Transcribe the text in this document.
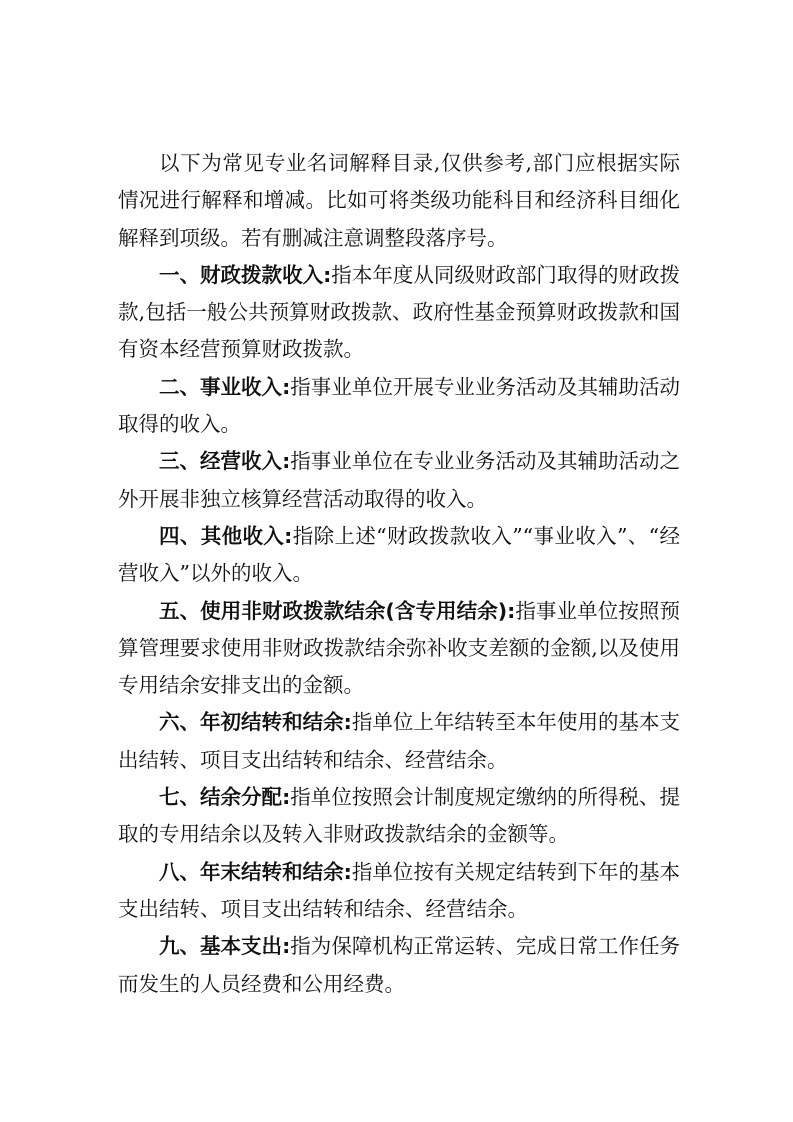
以下为常见专业名词解释目录,仅供参考,部门应根据实际情况进行解释和增减。比如可将类级功能科目和经济科目细化解释到项级。若有删减注意调整段落序号。

一、财政拨款收入:指本年度从同级财政部门取得的财政拨款,包括一般公共预算财政拨款、政府性基金预算财政拨款和国有资本经营预算财政拨款。

二、事业收入:指事业单位开展专业业务活动及其辅助活动取得的收入。

三、经营收入:指事业单位在专业业务活动及其辅助活动之外开展非独立核算经营活动取得的收入。

四、其他收入:指除上述“财政拨款收入”“事业收入”、“经营收入”以外的收入。

五、使用非财政拨款结余(含专用结余):指事业单位按照预算管理要求使用非财政拨款结余弥补收支差额的金额,以及使用专用结余安排支出的金额。

六、年初结转和结余:指单位上年结转至本年使用的基本支出结转、项目支出结转和结余、经营结余。

七、结余分配:指单位按照会计制度规定缴纳的所得税、提取的专用结余以及转入非财政拨款结余的金额等。

八、年末结转和结余:指单位按有关规定结转到下年的基本支出结转、项目支出结转和结余、经营结余。

九、基本支出:指为保障机构正常运转、完成日常工作任务而发生的人员经费和公用经费。
